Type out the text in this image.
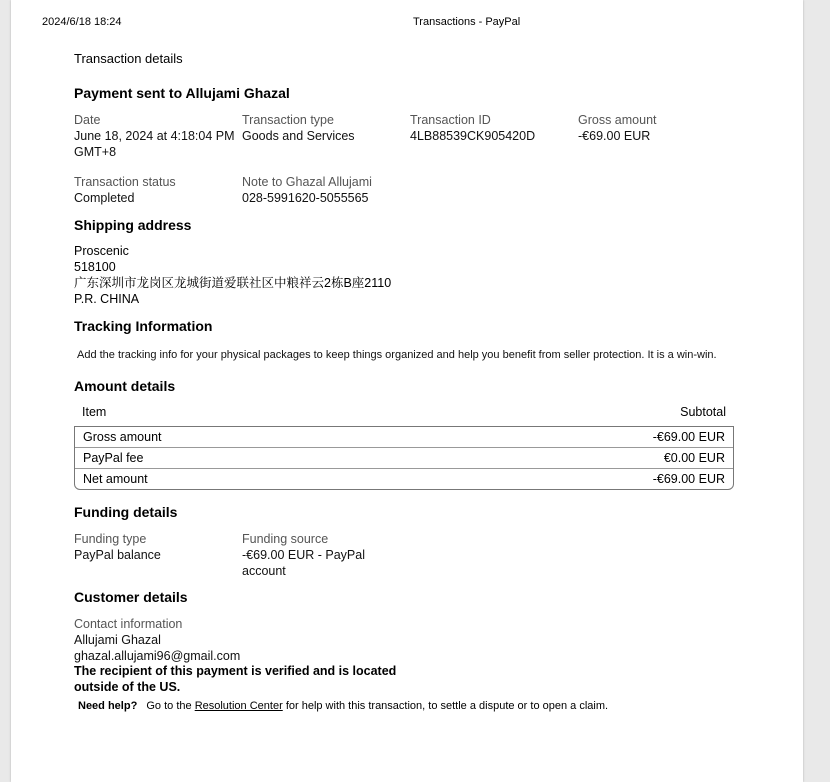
2024/6/18 18:24	Transactions - PayPal
Transaction details
Payment sent to Allujami Ghazal
Date
June 18, 2024 at 4:18:04 PM GMT+8
Transaction type
Goods and Services
Transaction ID
4LB88539CK905420D
Gross amount
-€69.00 EUR
Transaction status
Completed
Note to Ghazal Allujami
028-5991620-5055565
Shipping address
Proscenic
518100
广东深圳市龙岗区龙城街道爱联社区中粮祥云2栋B座2110
P.R. CHINA
Tracking Information
Add the tracking info for your physical packages to keep things organized and help you benefit from seller protection. It is a win-win.
Amount details
Item	Subtotal
Gross amount	-€69.00 EUR
PayPal fee	€0.00 EUR
Net amount	-€69.00 EUR
Funding details
Funding type
PayPal balance
Funding source
-€69.00 EUR - PayPal account
Customer details
Contact information
Allujami Ghazal
ghazal.allujami96@gmail.com
The recipient of this payment is verified and is located outside of the US.
Need help? Go to the Resolution Center for help with this transaction, to settle a dispute or to open a claim.
